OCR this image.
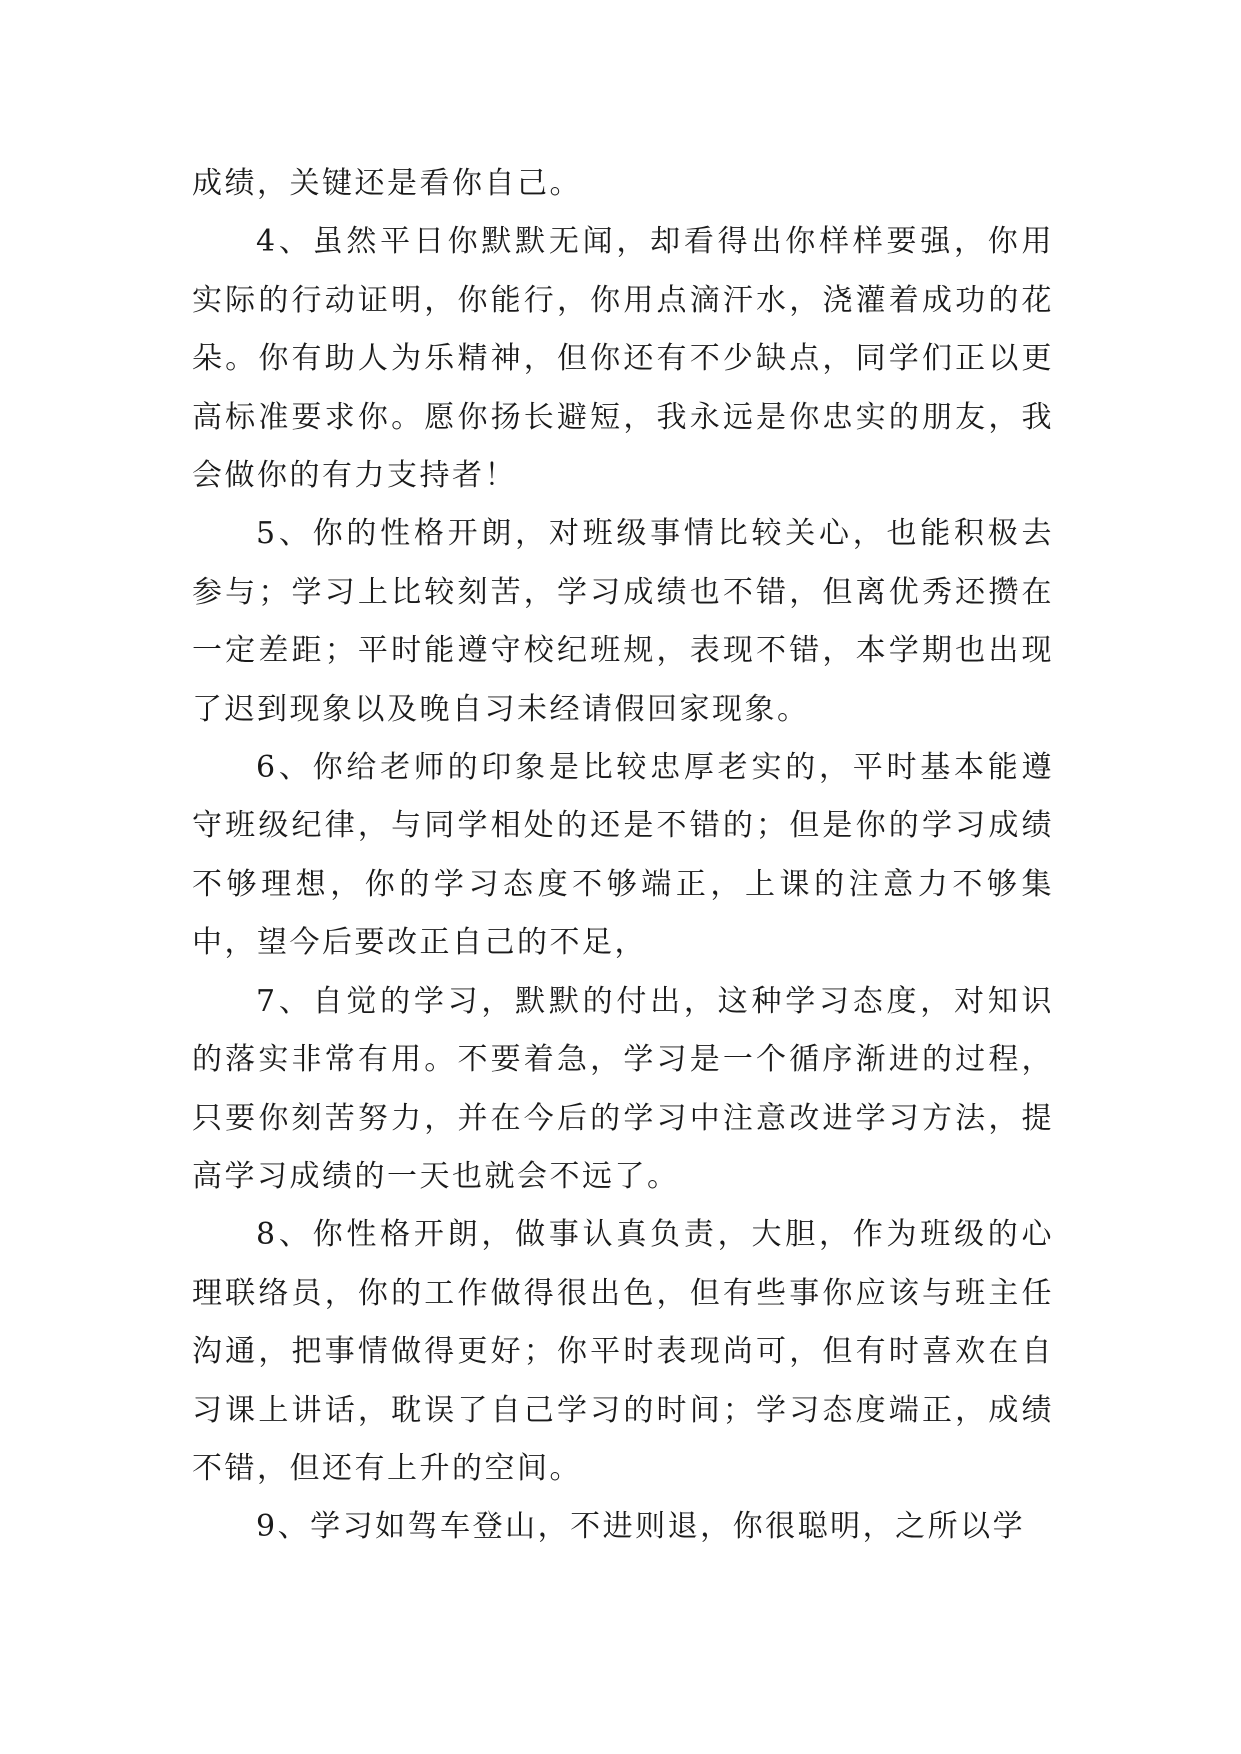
成绩，关键还是看你自己。

4、虽然平日你默默无闻，却看得出你样样要强，你用实际的行动证明，你能行，你用点滴汗水，浇灌着成功的花朵。你有助人为乐精神，但你还有不少缺点，同学们正以更高标准要求你。愿你扬长避短，我永远是你忠实的朋友，我会做你的有力支持者！

5、你的性格开朗，对班级事情比较关心，也能积极去参与；学习上比较刻苦，学习成绩也不错，但离优秀还攒在一定差距；平时能遵守校纪班规，表现不错，本学期也出现了迟到现象以及晚自习未经请假回家现象。

6、你给老师的印象是比较忠厚老实的，平时基本能遵守班级纪律，与同学相处的还是不错的；但是你的学习成绩不够理想，你的学习态度不够端正，上课的注意力不够集中，望今后要改正自己的不足，

7、自觉的学习，默默的付出，这种学习态度，对知识的落实非常有用。不要着急，学习是一个循序渐进的过程，只要你刻苦努力，并在今后的学习中注意改进学习方法，提高学习成绩的一天也就会不远了。

8、你性格开朗，做事认真负责，大胆，作为班级的心理联络员，你的工作做得很出色，但有些事你应该与班主任沟通，把事情做得更好；你平时表现尚可，但有时喜欢在自习课上讲话，耽误了自己学习的时间；学习态度端正，成绩不错，但还有上升的空间。

9、学习如驾车登山，不进则退，你很聪明，之所以学
